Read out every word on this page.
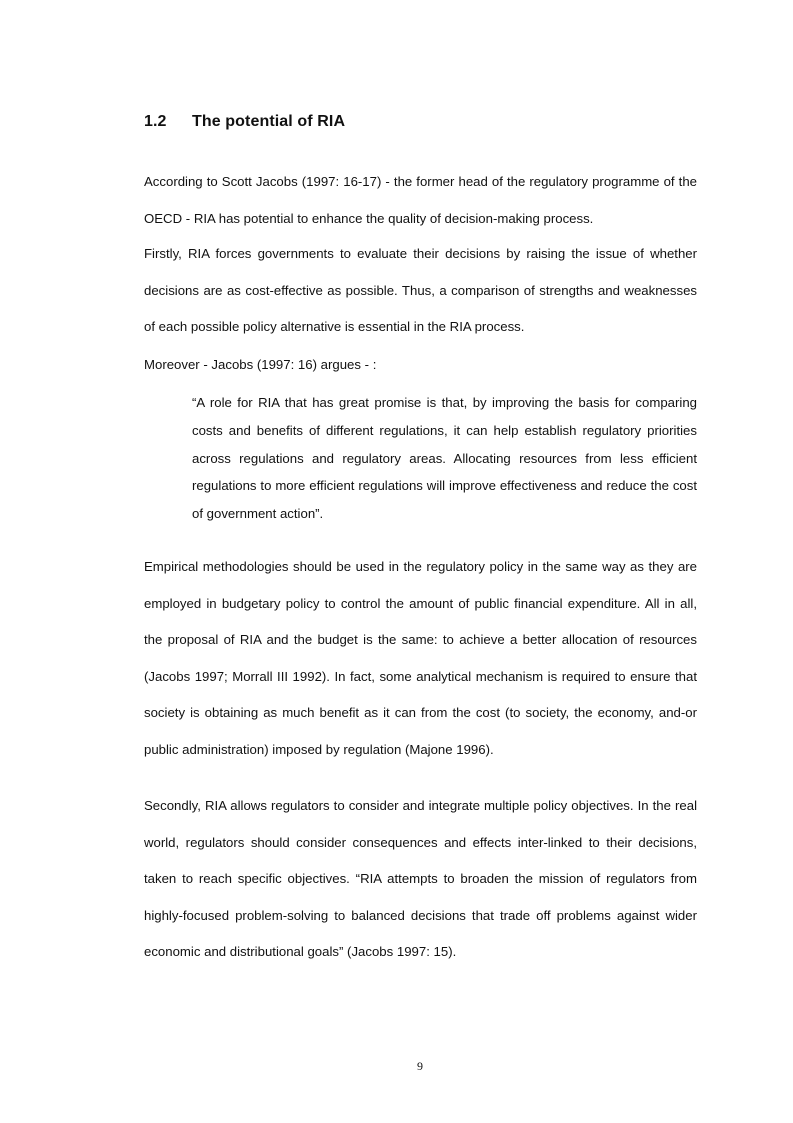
1.2 The potential of RIA

According to Scott Jacobs (1997: 16-17) - the former head of the regulatory programme of the OECD - RIA has potential to enhance the quality of decision-making process.

Firstly, RIA forces governments to evaluate their decisions by raising the issue of whether decisions are as cost-effective as possible. Thus, a comparison of strengths and weaknesses of each possible policy alternative is essential in the RIA process.

Moreover - Jacobs (1997: 16) argues - :

“A role for RIA that has great promise is that, by improving the basis for comparing costs and benefits of different regulations, it can help establish regulatory priorities across regulations and regulatory areas. Allocating resources from less efficient regulations to more efficient regulations will improve effectiveness and reduce the cost of government action”.

Empirical methodologies should be used in the regulatory policy in the same way as they are employed in budgetary policy to control the amount of public financial expenditure. All in all, the proposal of RIA and the budget is the same: to achieve a better allocation of resources (Jacobs 1997; Morrall III 1992). In fact, some analytical mechanism is required to ensure that society is obtaining as much benefit as it can from the cost (to society, the economy, and-or public administration) imposed by regulation (Majone 1996).

Secondly, RIA allows regulators to consider and integrate multiple policy objectives. In the real world, regulators should consider consequences and effects inter-linked to their decisions, taken to reach specific objectives. “RIA attempts to broaden the mission of regulators from highly-focused problem-solving to balanced decisions that trade off problems against wider economic and distributional goals” (Jacobs 1997: 15).

9
